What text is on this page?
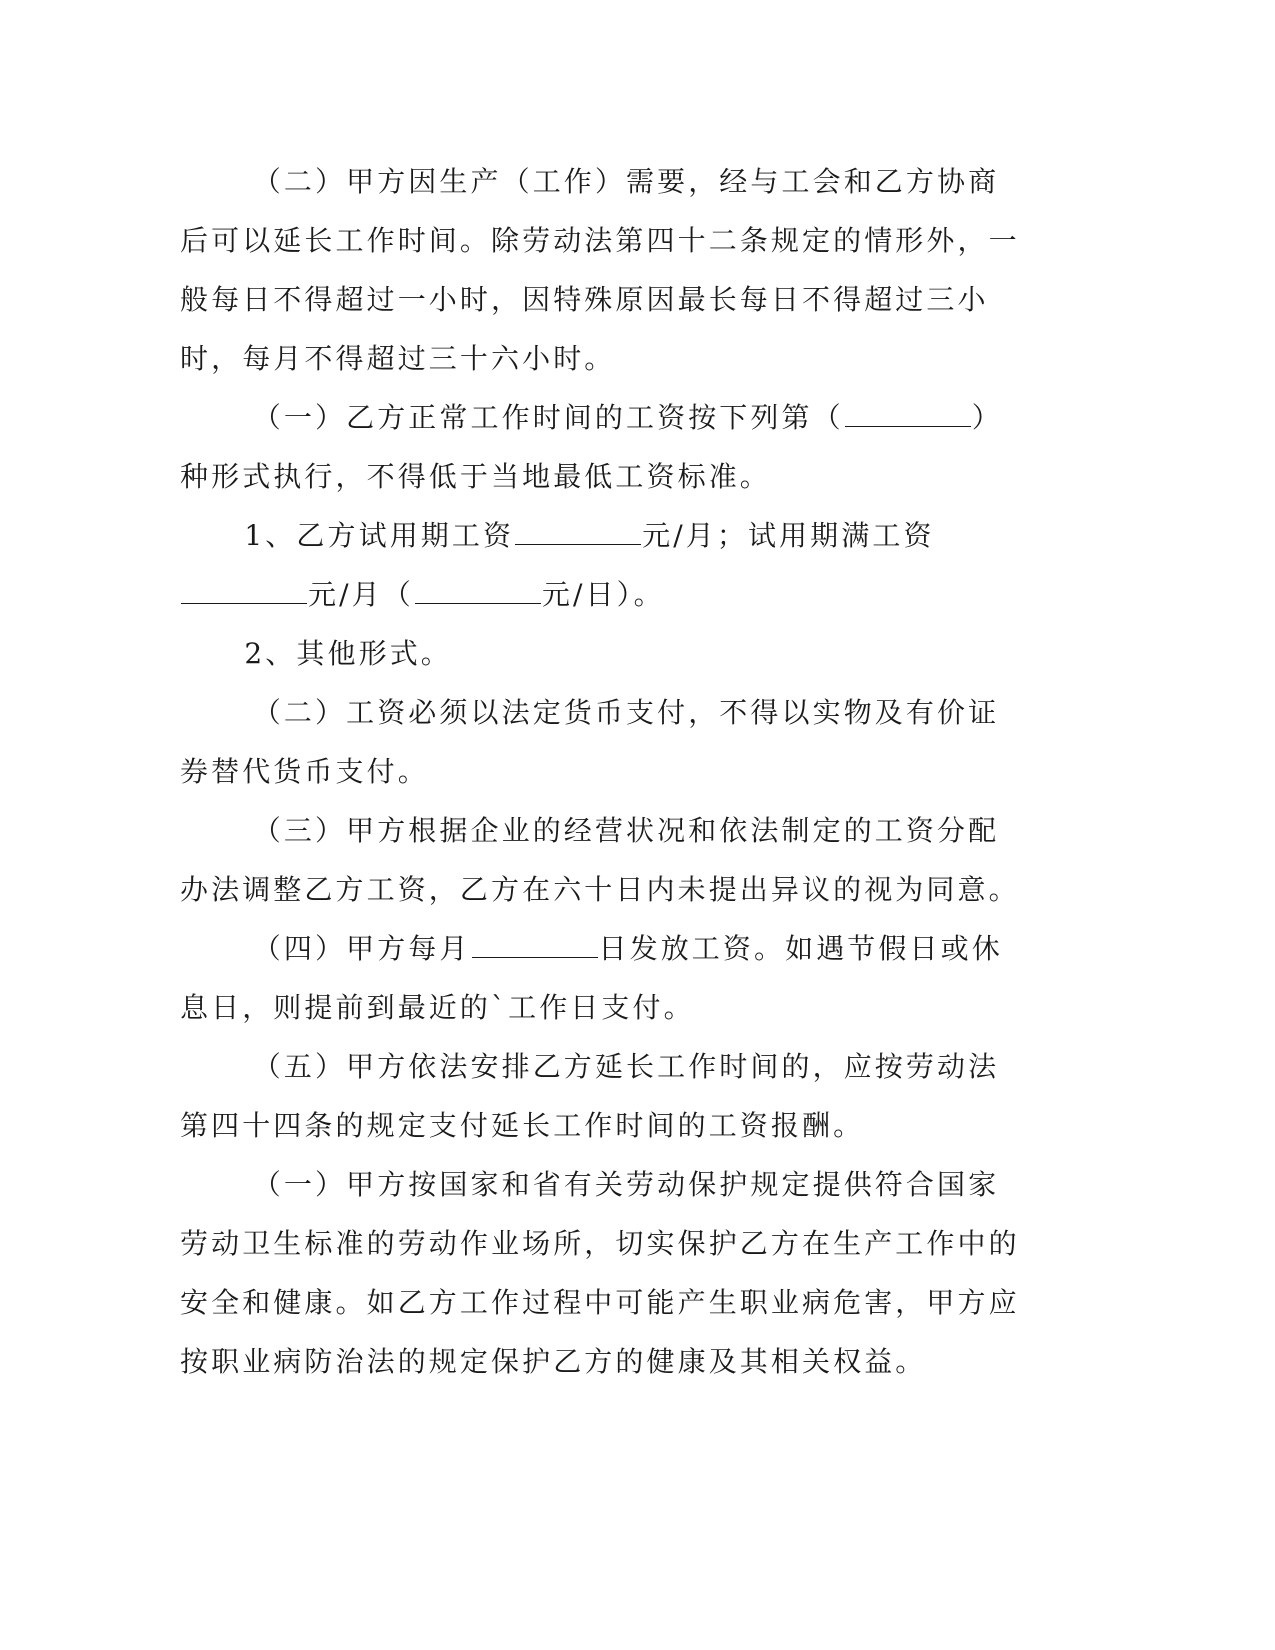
（二）甲方因生产（工作）需要，经与工会和乙方协商后可以延长工作时间。除劳动法第四十二条规定的情形外，一般每日不得超过一小时，因特殊原因最长每日不得超过三小时，每月不得超过三十六小时。

（一）乙方正常工作时间的工资按下列第（	）种形式执行，不得低于当地最低工资标准。

1、乙方试用期工资	元/月；试用期满工资元/月（	元/日）。

2、其他形式。

（二）工资必须以法定货币支付，不得以实物及有价证券替代货币支付。

（三）甲方根据企业的经营状况和依法制定的工资分配办法调整乙方工资，乙方在六十日内未提出异议的视为同意。

（四）甲方每月	日发放工资。如遇节假日或休息日，则提前到最近的`工作日支付。

（五）甲方依法安排乙方延长工作时间的，应按劳动法第四十四条的规定支付延长工作时间的工资报酬。

（一）甲方按国家和省有关劳动保护规定提供符合国家劳动卫生标准的劳动作业场所，切实保护乙方在生产工作中的安全和健康。如乙方工作过程中可能产生职业病危害，甲方应按职业病防治法的规定保护乙方的健康及其相关权益。
